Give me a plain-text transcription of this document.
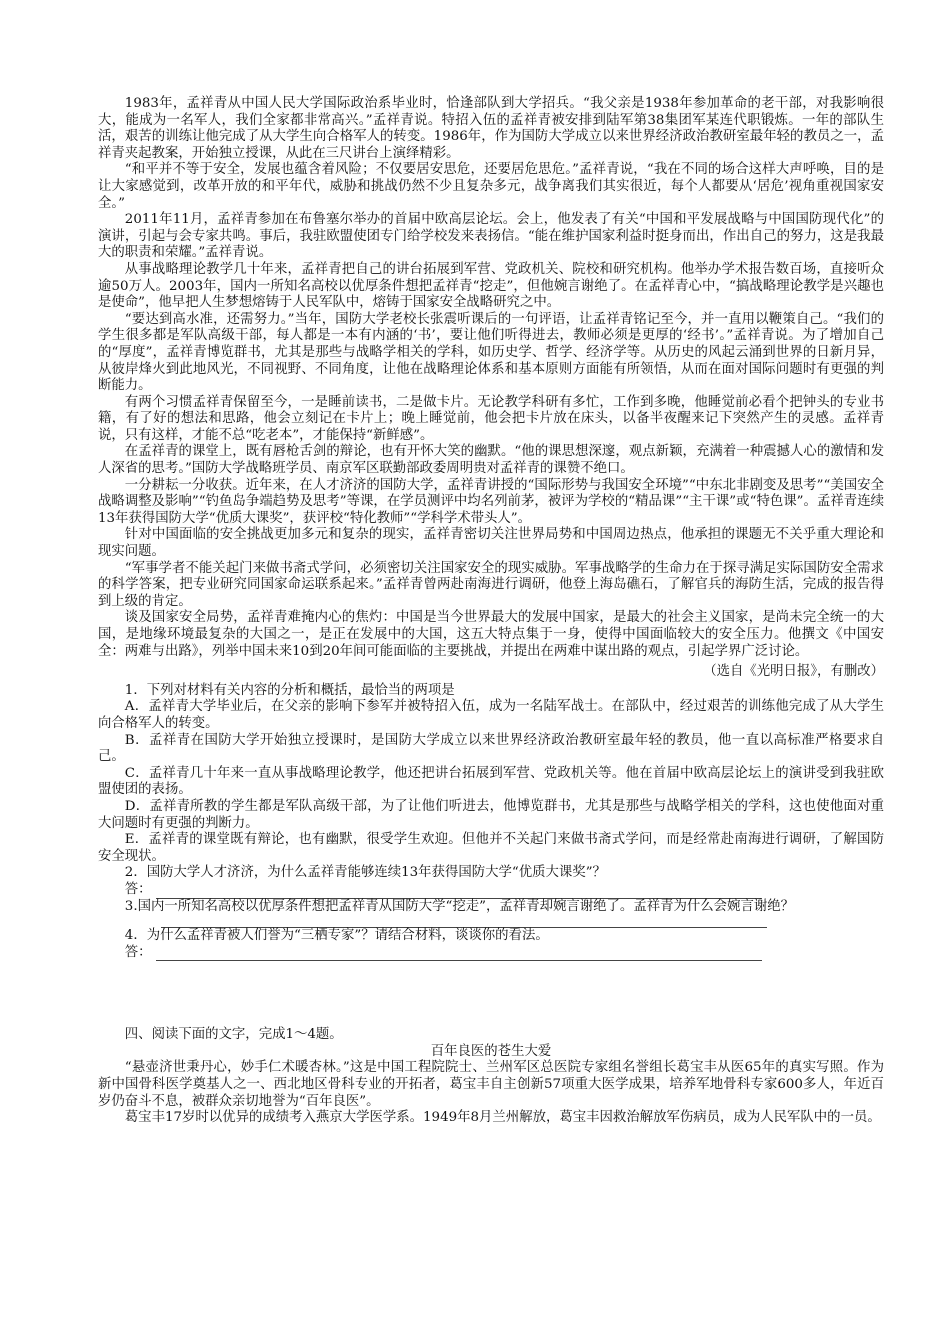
1983年，孟祥青从中国人民大学国际政治系毕业时，恰逢部队到大学招兵。“我父亲是1938年参加革命的老干部，对我影响很大，能成为一名军人，我们全家都非常高兴。”孟祥青说。特招入伍的孟祥青被安排到陆军第38集团军某连代职锻炼。一年的部队生活，艰苦的训练让他完成了从大学生向合格军人的转变。1986年，作为国防大学成立以来世界经济政治教研室最年轻的教员之一，孟祥青夹起教案，开始独立授课，从此在三尺讲台上演绎精彩。

“和平并不等于安全，发展也蕴含着风险；不仅要居安思危，还要居危思危。”孟祥青说，“我在不同的场合这样大声呼唤，目的是让大家感觉到，改革开放的和平年代，威胁和挑战仍然不少且复杂多元，战争离我们其实很近，每个人都要从‘居危’视角重视国家安全。”

2011年11月，孟祥青参加在布鲁塞尔举办的首届中欧高层论坛。会上，他发表了有关“中国和平发展战略与中国国防现代化”的演讲，引起与会专家共鸣。事后，我驻欧盟使团专门给学校发来表扬信。“能在维护国家利益时挺身而出，作出自己的努力，这是我最大的职责和荣耀。”孟祥青说。

从事战略理论教学几十年来，孟祥青把自己的讲台拓展到军营、党政机关、院校和研究机构。他举办学术报告数百场，直接听众逾50万人。2003年，国内一所知名高校以优厚条件想把孟祥青“挖走”，但他婉言谢绝了。在孟祥青心中，“搞战略理论教学是兴趣也是使命”，他早把人生梦想熔铸于人民军队中，熔铸于国家安全战略研究之中。

“要达到高水准，还需努力。”当年，国防大学老校长张震听课后的一句评语，让孟祥青铭记至今，并一直用以鞭策自己。“我们的学生很多都是军队高级干部，每人都是一本有内涵的‘书’，要让他们听得进去，教师必须是更厚的‘经书’。”孟祥青说。为了增加自己的“厚度”，孟祥青博览群书，尤其是那些与战略学相关的学科，如历史学、哲学、经济学等。从历史的风起云涌到世界的日新月异，从彼岸烽火到此地风光，不同视野、不同角度，让他在战略理论体系和基本原则方面能有所领悟，从而在面对国际问题时有更强的判断能力。

有两个习惯孟祥青保留至今，一是睡前读书，二是做卡片。无论教学科研有多忙，工作到多晚，他睡觉前必看个把钟头的专业书籍，有了好的想法和思路，他会立刻记在卡片上；晚上睡觉前，他会把卡片放在床头，以备半夜醒来记下突然产生的灵感。孟祥青说，只有这样，才能不总“吃老本”，才能保持“新鲜感”。

在孟祥青的课堂上，既有唇枪舌剑的辩论，也有开怀大笑的幽默。“他的课思想深邃，观点新颖，充满着一种震撼人心的激情和发人深省的思考。”国防大学战略班学员、南京军区联勤部政委周明贵对孟祥青的课赞不绝口。

一分耕耘一分收获。近年来，在人才济济的国防大学，孟祥青讲授的“国际形势与我国安全环境”“中东北非剧变及思考”“美国安全战略调整及影响”“钓鱼岛争端趋势及思考”等课，在学员测评中均名列前茅，被评为学校的“精品课”“主干课”或“特色课”。孟祥青连续13年获得国防大学“优质大课奖”，获评校“特化教师”“学科学术带头人”。

针对中国面临的安全挑战更加多元和复杂的现实，孟祥青密切关注世界局势和中国周边热点，他承担的课题无不关乎重大理论和现实问题。

“军事学者不能关起门来做书斋式学问，必须密切关注国家安全的现实威胁。军事战略学的生命力在于探寻满足实际国防安全需求的科学答案，把专业研究同国家命运联系起来。”孟祥青曾两赴南海进行调研，他登上海岛礁石，了解官兵的海防生活，完成的报告得到上级的肯定。

谈及国家安全局势，孟祥青难掩内心的焦灼：中国是当今世界最大的发展中国家，是最大的社会主义国家，是尚未完全统一的大国，是地缘环境最复杂的大国之一，是正在发展中的大国，这五大特点集于一身，使得中国面临较大的安全压力。他撰文《中国安全：两难与出路》，列举中国未来10到20年间可能面临的主要挑战，并提出在两难中谋出路的观点，引起学界广泛讨论。

（选自《光明日报》，有删改）

1．下列对材料有关内容的分析和概括，最恰当的两项是

A．孟祥青大学毕业后，在父亲的影响下参军并被特招入伍，成为一名陆军战士。在部队中，经过艰苦的训练他完成了从大学生向合格军人的转变。

B．孟祥青在国防大学开始独立授课时，是国防大学成立以来世界经济政治教研室最年轻的教员，他一直以高标准严格要求自己。

C．孟祥青几十年来一直从事战略理论教学，他还把讲台拓展到军营、党政机关等。他在首届中欧高层论坛上的演讲受到我驻欧盟使团的表扬。

D．孟祥青所教的学生都是军队高级干部，为了让他们听进去，他博览群书，尤其是那些与战略学相关的学科，这也使他面对重大问题时有更强的判断力。

E．孟祥青的课堂既有辩论，也有幽默，很受学生欢迎。但他并不关起门来做书斋式学问，而是经常赴南海进行调研，了解国防安全现状。

2．国防大学人才济济，为什么孟祥青能够连续13年获得国防大学“优质大课奖”？

答：

3.国内一所知名高校以优厚条件想把孟祥青从国防大学“挖走”，孟祥青却婉言谢绝了。孟祥青为什么会婉言谢绝？

4．为什么孟祥青被人们誉为“三栖专家”？请结合材料，谈谈你的看法。

答：

四、阅读下面的文字，完成1～4题。

百年良医的苍生大爱

“悬壶济世秉丹心，妙手仁术暖杏林。”这是中国工程院院士、兰州军区总医院专家组名誉组长葛宝丰从医65年的真实写照。作为新中国骨科医学奠基人之一、西北地区骨科专业的开拓者，葛宝丰自主创新57项重大医学成果，培养军地骨科专家600多人，年近百岁仍奋斗不息，被群众亲切地誉为“百年良医”。

葛宝丰17岁时以优异的成绩考入燕京大学医学系。1949年8月兰州解放，葛宝丰因救治解放军伤病员，成为人民军队中的一员。
